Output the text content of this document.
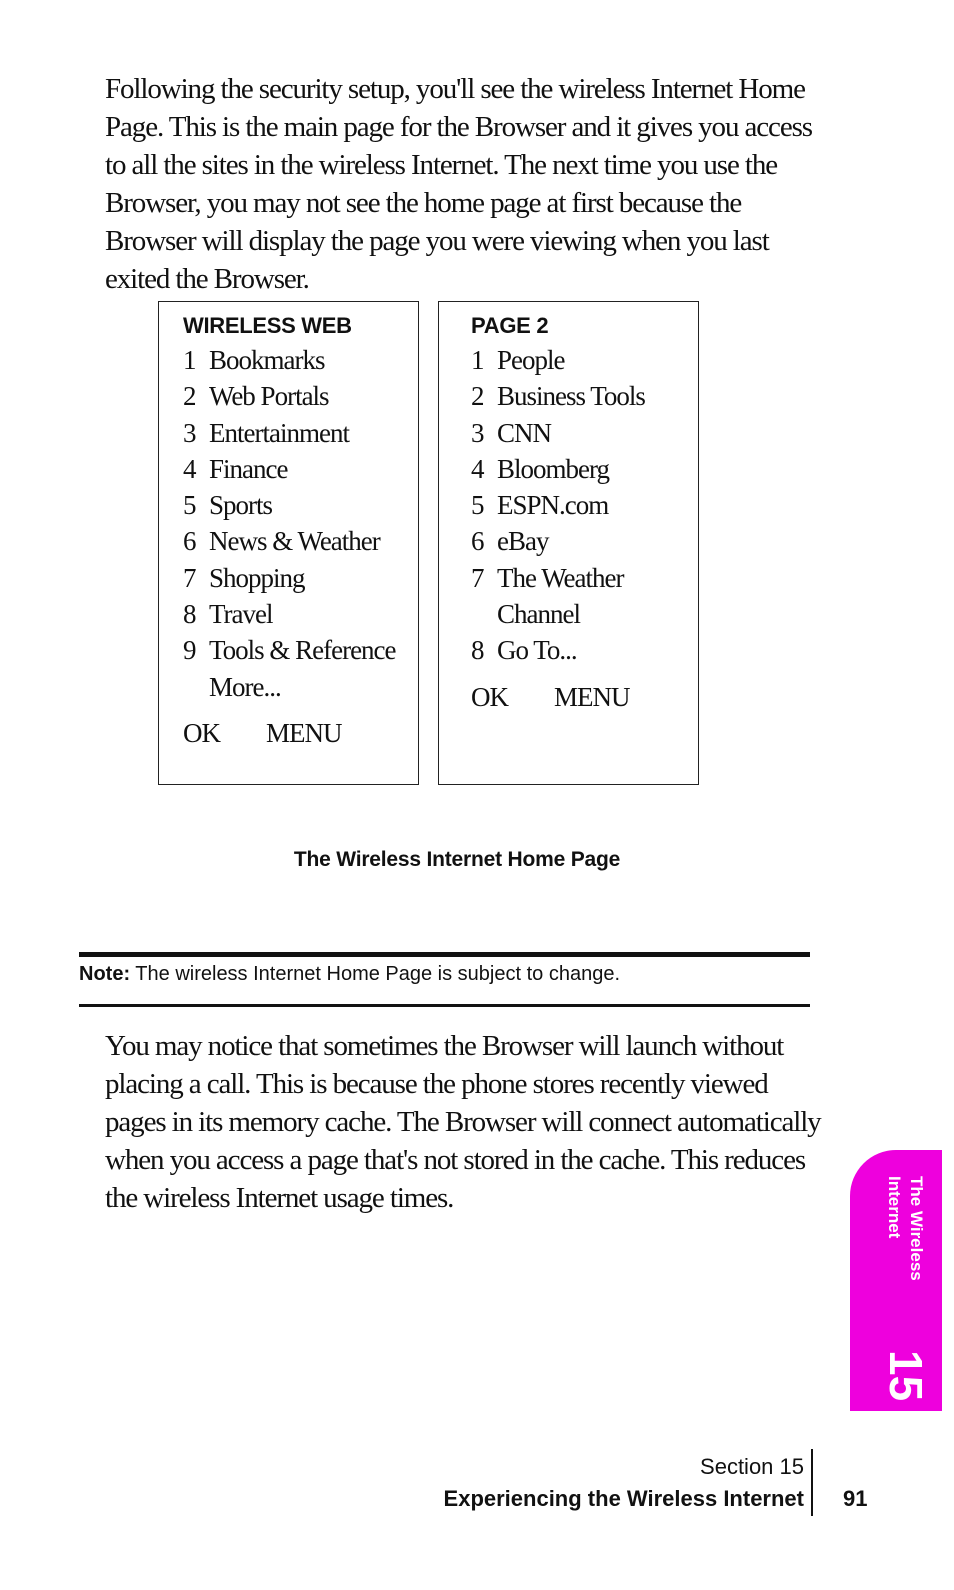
Following the security setup, you'll see the wireless Internet Home Page. This is the main page for the Browser and it gives you access to all the sites in the wireless Internet. The next time you use the Browser, you may not see the home page at first because the Browser will display the page you were viewing when you last exited the Browser.

WIRELESS WEB
1 Bookmarks
2 Web Portals
3 Entertainment
4 Finance
5 Sports
6 News & Weather
7 Shopping
8 Travel
9 Tools & Reference
More...
OK	MENU
PAGE 2
1 People
2 Business Tools
3 CNN
4 Bloomberg
5 ESPN.com
6 eBay
7 The Weather Channel
8 Go To...
OK	MENU
The Wireless Internet Home Page
Note: The wireless Internet Home Page is subject to change.

You may notice that sometimes the Browser will launch without placing a call. This is because the phone stores recently viewed pages in its memory cache. The Browser will connect automatically when you access a page that's not stored in the cache. This reduces the wireless Internet usage times.	The Wireless
Internet
15
Section 15
Experiencing the Wireless Internet 91
